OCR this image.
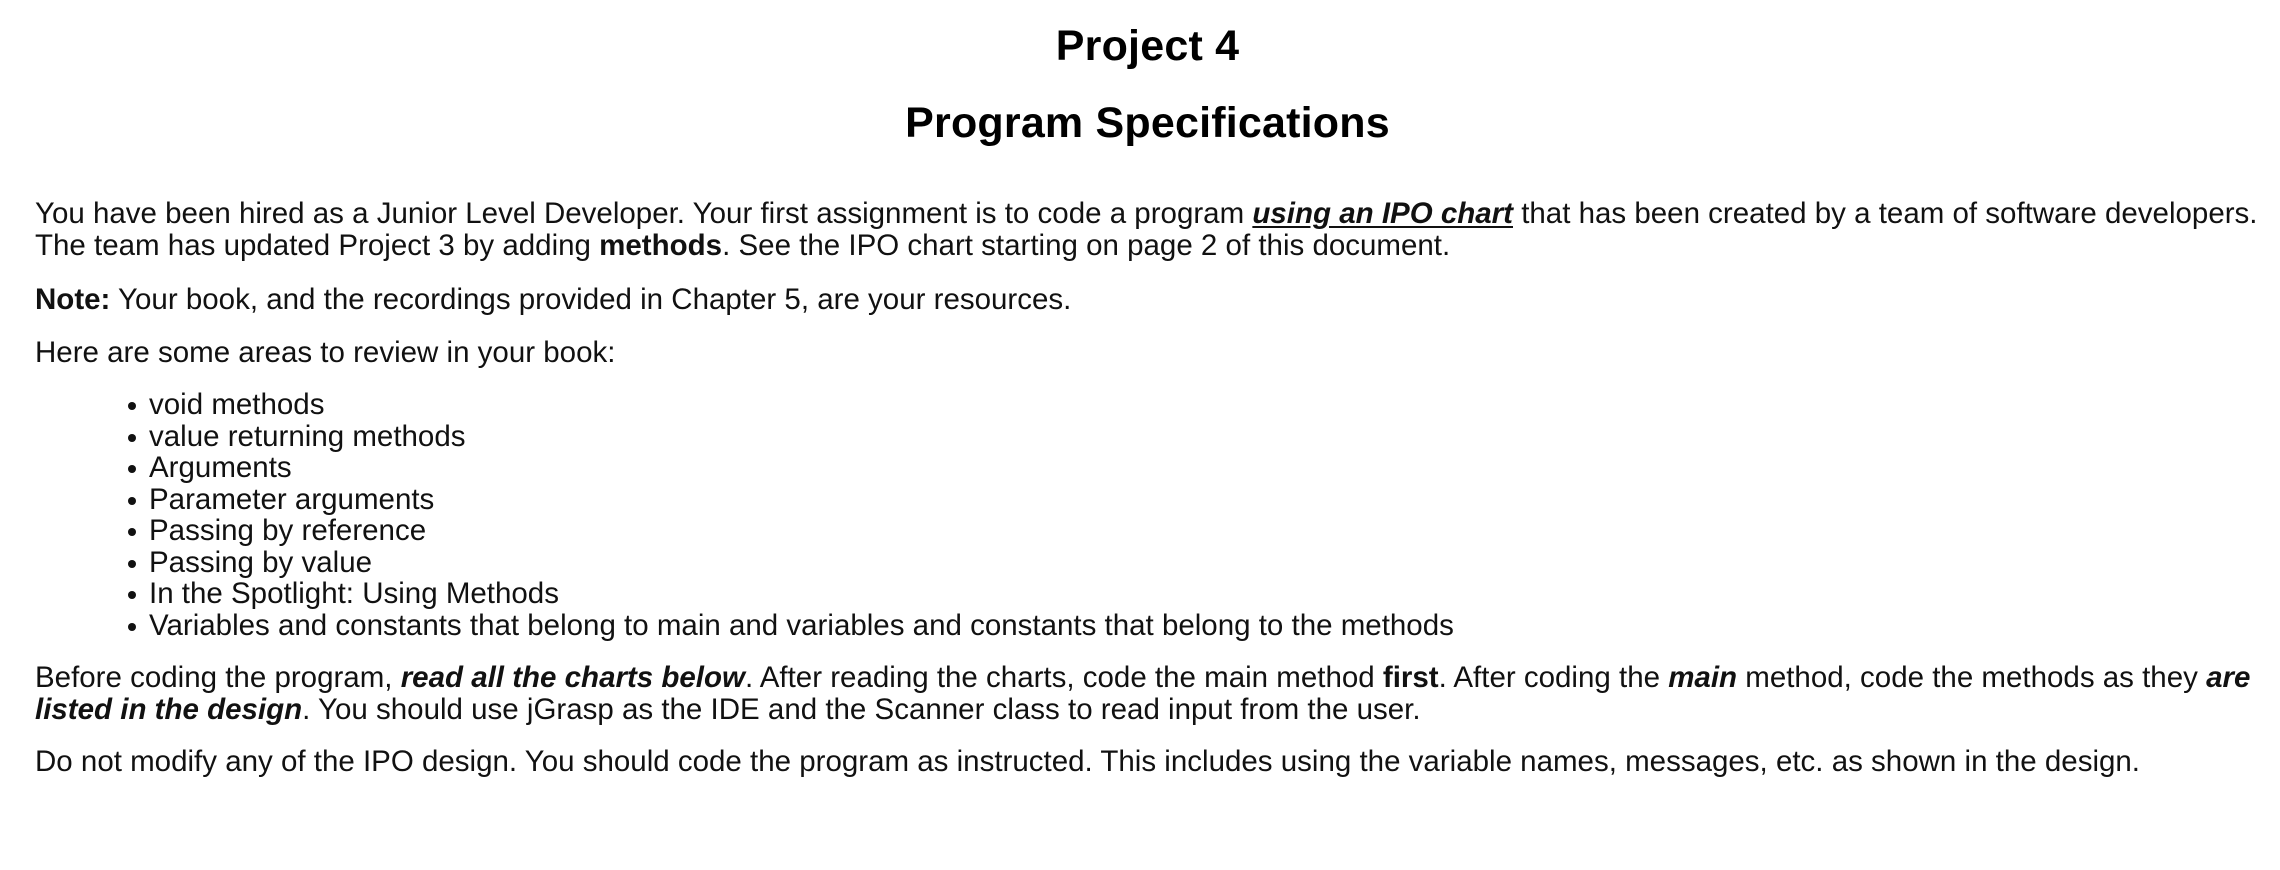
Project 4
Program Specifications

You have been hired as a Junior Level Developer. Your first assignment is to code a program using an IPO chart that has been created by a team of software developers. The team has updated Project 3 by adding methods. See the IPO chart starting on page 2 of this document.

Note: Your book, and the recordings provided in Chapter 5, are your resources.

Here are some areas to review in your book:

void methods
value returning methods
Arguments
Parameter arguments
Passing by reference
Passing by value
In the Spotlight: Using Methods
Variables and constants that belong to main and variables and constants that belong to the methods

Before coding the program, read all the charts below. After reading the charts, code the main method first. After coding the main method, code the methods as they are listed in the design. You should use jGrasp as the IDE and the Scanner class to read input from the user.

Do not modify any of the IPO design. You should code the program as instructed. This includes using the variable names, messages, etc. as shown in the design.
